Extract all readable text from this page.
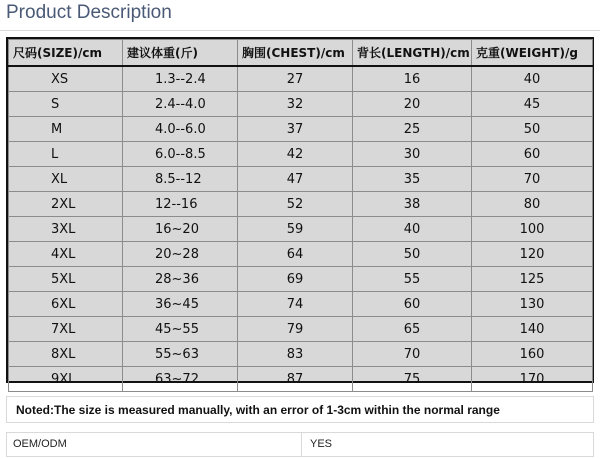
Product Description
尺码(SIZE)/cm	建议体重(斤)	胸围(CHEST)/cm	背长(LENGTH)/cm	克重(WEIGHT)/g
XS	1.3--2.4	27	16	40
S	2.4--4.0	32	20	45
M	4.0--6.0	37	25	50
L	6.0--8.5	42	30	60
XL	8.5--12	47	35	70
2XL	12--16	52	38	80
3XL	16~20	59	40	100
4XL	20~28	64	50	120
5XL	28~36	69	55	125
6XL	36~45	74	60	130
7XL	45~55	79	65	140
8XL	55~63	83	70	160
9XL	63~72	87	75	170
Noted:The size is measured manually, with an error of 1-3cm within the normal range
OEM/ODM	YES
